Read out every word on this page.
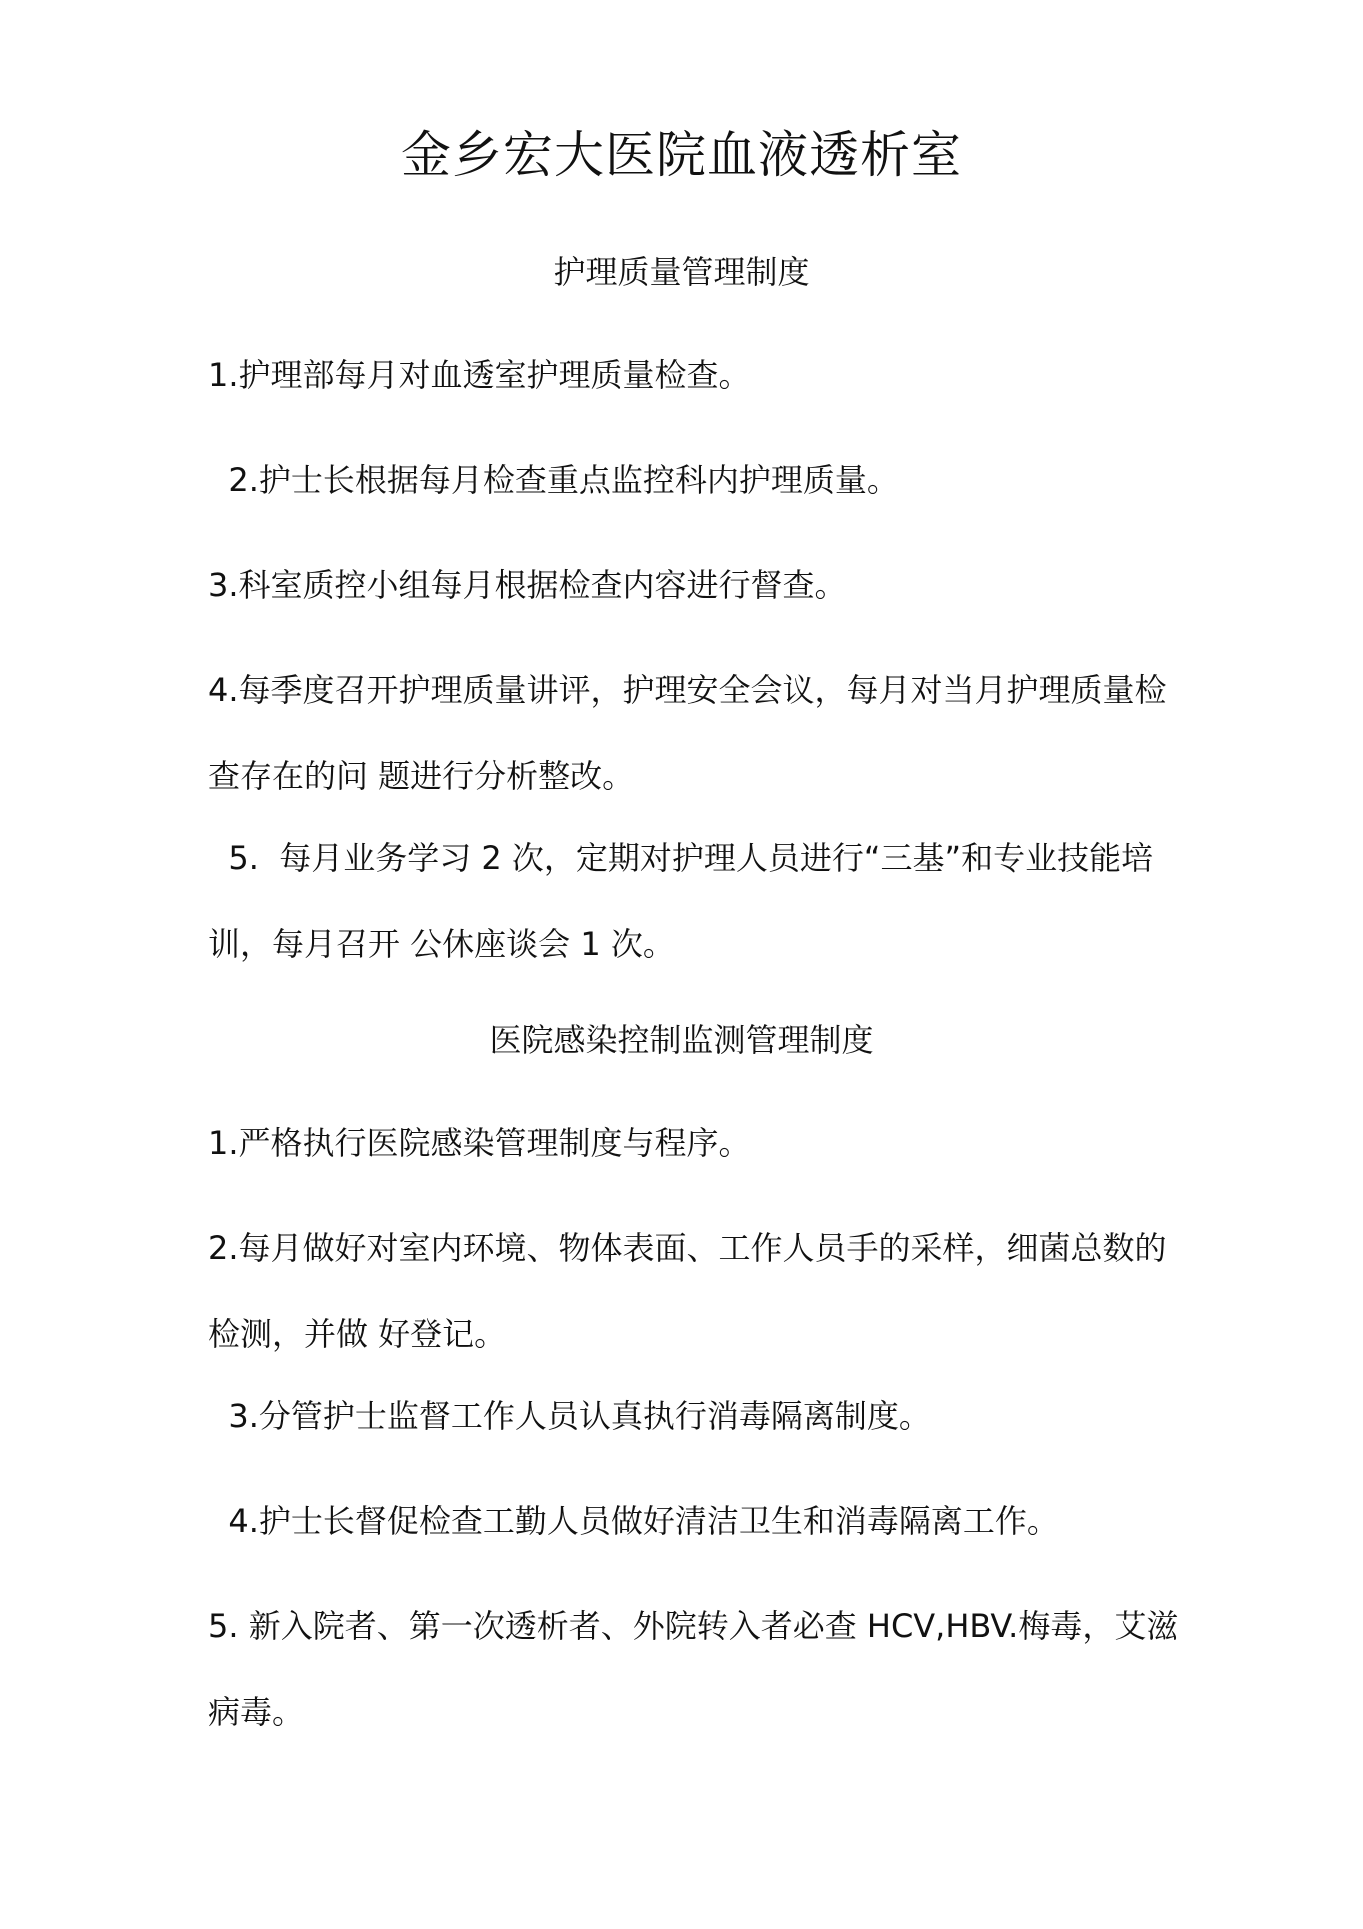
金乡宏大医院血液透析室
护理质量管理制度

1.护理部每月对血透室护理质量检查。

2.护士长根据每月检查重点监控科内护理质量。

3.科室质控小组每月根据检查内容进行督查。

4.每季度召开护理质量讲评，护理安全会议，每月对当月护理质量检查存在的问 题进行分析整改。

5.  每月业务学习 2 次，定期对护理人员进行“三基”和专业技能培训，每月召开 公休座谈会 1 次。

医院感染控制监测管理制度

1.严格执行医院感染管理制度与程序。

2.每月做好对室内环境、物体表面、工作人员手的采样，细菌总数的检测，并做 好登记。

3.分管护士监督工作人员认真执行消毒隔离制度。

4.护士长督促检查工勤人员做好清洁卫生和消毒隔离工作。

5. 新入院者、第一次透析者、外院转入者必查 HCV,HBV.梅毒，艾滋病毒。
